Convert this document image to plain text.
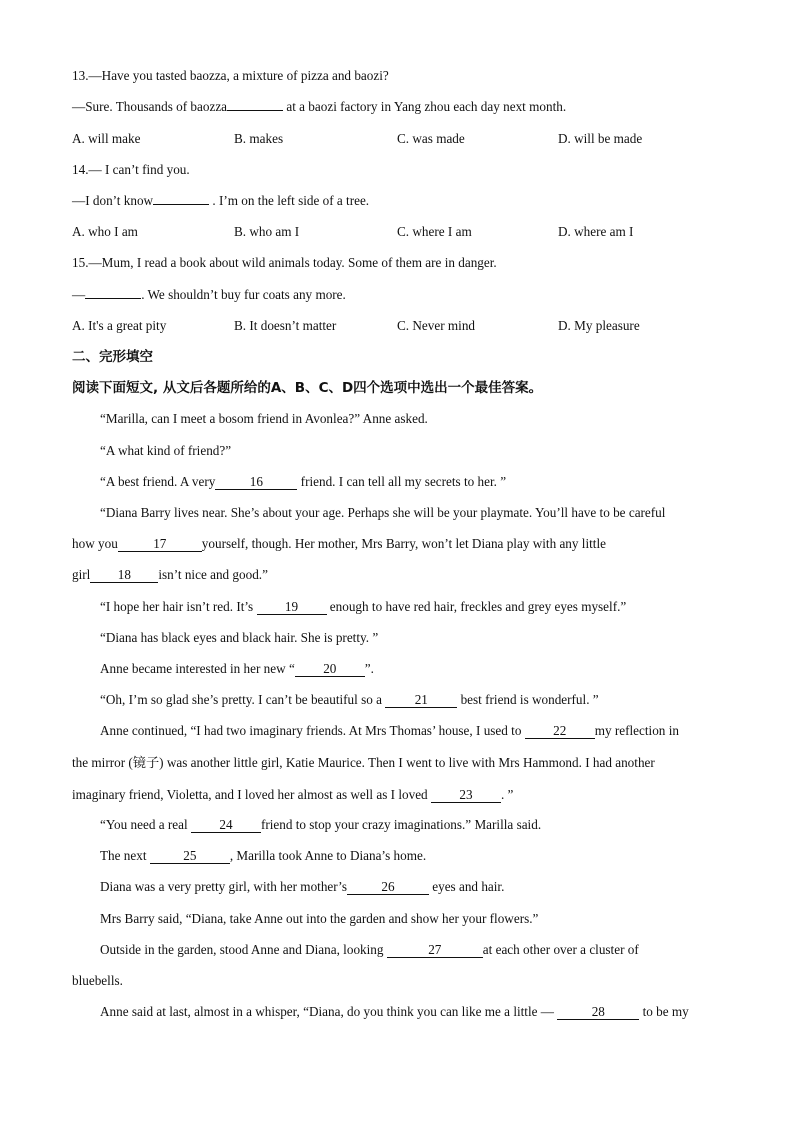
13.—Have you tasted baozza, a mixture of pizza and baozi?
—Sure. Thousands of baozza	at a baozi factory in Yang zhou each day next month.
A. will make	B. makes	C. was made	D. will be made
14.— I can’t find you.
—I don’t know	. I’m on the left side of a tree.
A. who I am	B. who am I	C. where I am	D. where am I
15.—Mum, I read a book about wild animals today. Some of them are in danger.
—	. We shouldn’t buy fur coats any more.
A. It's a great pity	B. It doesn’t matter	C. Never mind	D. My pleasure
二、完形填空
阅读下面短文, 从文后各题所给的A、B、C、D四个选项中选出一个最佳答案。
“Marilla, can I meet a bosom friend in Avonlea?” Anne asked.
“A what kind of friend?”
“A best friend. A very	16	friend. I can tell all my secrets to her. ”
“Diana Barry lives near. She’s about your age. Perhaps she will be your playmate. You’ll have to be careful
how you	17	yourself, though. Her mother, Mrs Barry, won’t let Diana play with any little
girl 18 isn’t nice and good.”
“I hope her hair isn’t red. It’s 19 enough to have red hair, freckles and grey eyes myself.”
“Diana has black eyes and black hair. She is pretty. ”
Anne became interested in her new “ 20 ”.
“Oh, I’m so glad she’s pretty. I can’t be beautiful so a 21 best friend is wonderful. ”
Anne continued, “I had two imaginary friends. At Mrs Thomas’ house, I used to 22 my reflection in
the mirror (镜子) was another little girl, Katie Maurice. Then I went to live with Mrs Hammond. I had another
imaginary friend, Violetta, and I loved her almost as well as I loved 23 . ”
“You need a real 24 friend to stop your crazy imaginations.” Marilla said.
The next	25	, Marilla took Anne to Diana’s home.
Diana was a very pretty girl, with her mother’s	26	eyes and hair.
Mrs Barry said, “Diana, take Anne out into the garden and show her your flowers.”
Outside in the garden, stood Anne and Diana, looking	27	at each other over a cluster of
bluebells.
Anne said at last, almost in a whisper, “Diana, do you think you can like me a little —	28	to be my
